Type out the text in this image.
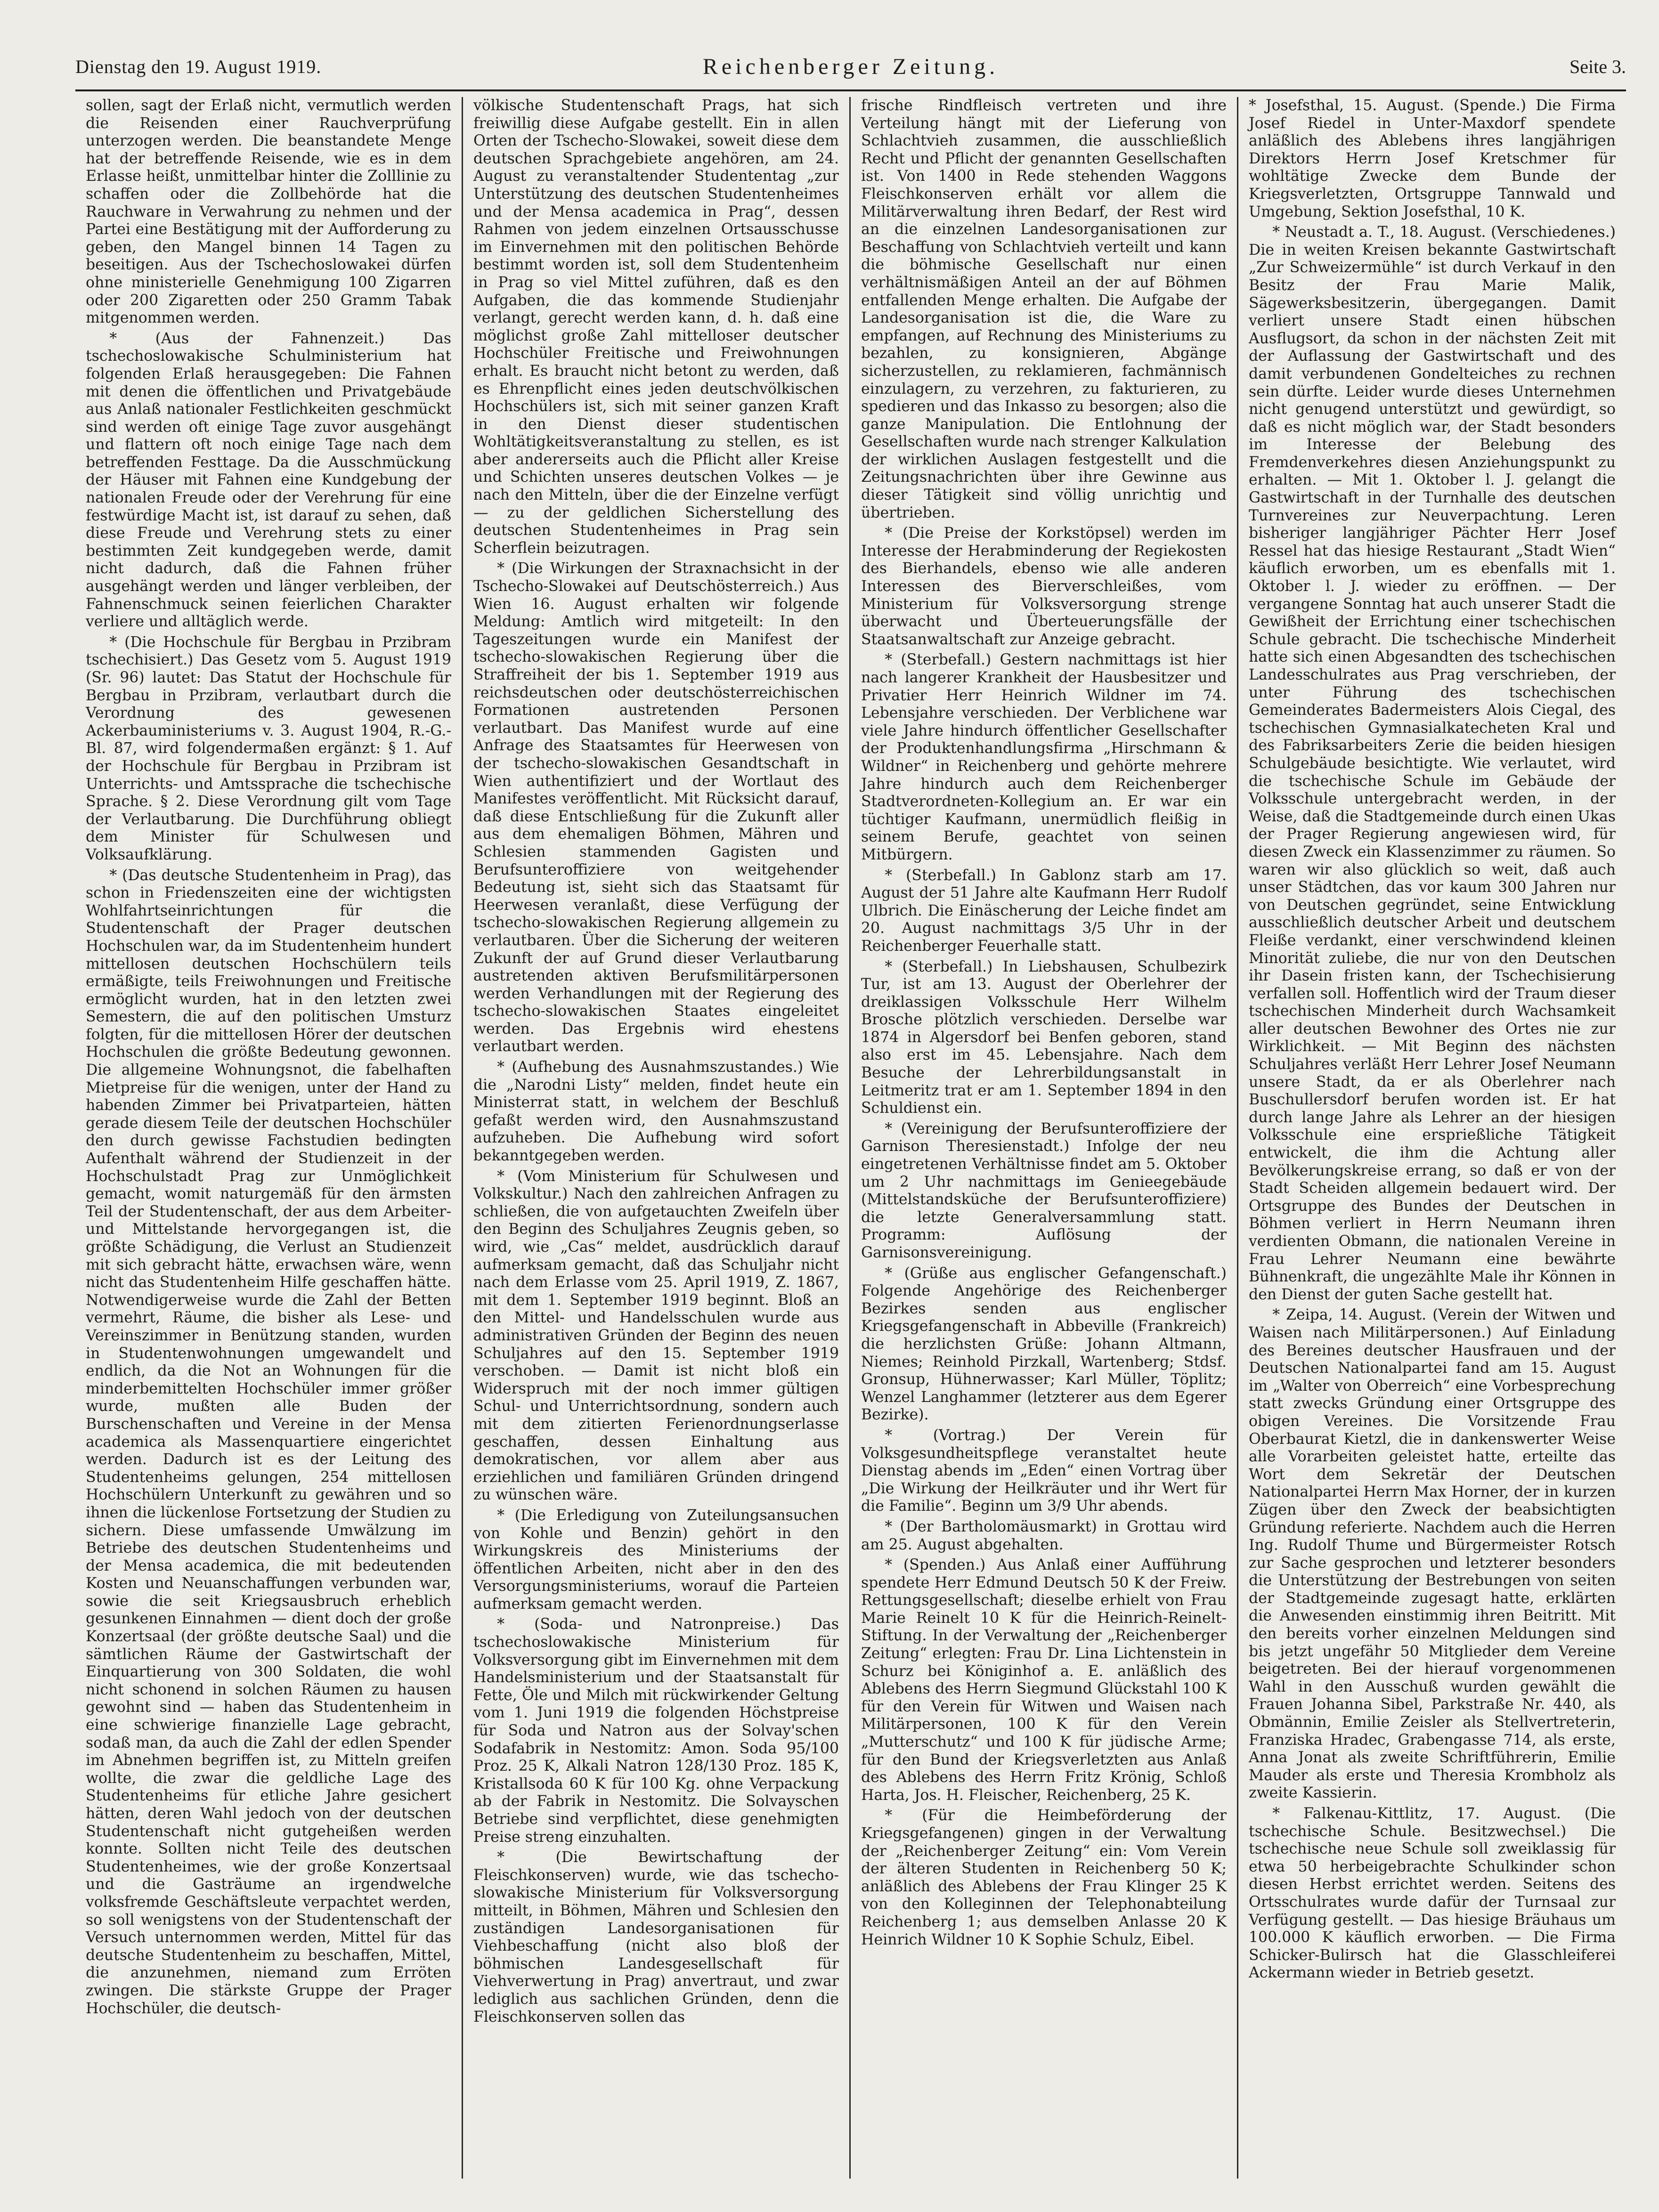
Dienstag den 19. August 1919.	Reichenberger Zeitung.	Seite 3.

sollen, sagt der Erlaß nicht, vermutlich werden die Reisenden einer Rauchverprüfung unterzogen werden. Die beanstandete Menge hat der betreffende Reisende, wie es in dem Erlasse heißt, unmittelbar hinter die Zolllinie zu schaffen oder die Zollbehörde hat die Rauchware in Verwahrung zu nehmen und der Partei eine Bestätigung mit der Aufforderung zu geben, den Mangel binnen 14 Tagen zu beseitigen. Aus der Tschechoslowakei dürfen ohne ministerielle Genehmigung 100 Zigarren oder 200 Zigaretten oder 250 Gramm Tabak mitgenommen werden.

* (Aus der Fahnenzeit.) Das tschechoslowakische Schulministerium hat folgenden Erlaß herausgegeben: Die Fahnen mit denen die öffentlichen und Privatgebäude aus Anlaß nationaler Festlichkeiten geschmückt sind werden oft einige Tage zuvor ausgehängt und flattern oft noch einige Tage nach dem betreffenden Festtage. Da die Ausschmückung der Häuser mit Fahnen eine Kundgebung der nationalen Freude oder der Verehrung für eine festwürdige Macht ist, ist darauf zu sehen, daß diese Freude und Verehrung stets zu einer bestimmten Zeit kundgegeben werde, damit nicht dadurch, daß die Fahnen früher ausgehängt werden und länger verbleiben, der Fahnenschmuck seinen feierlichen Charakter verliere und alltäglich werde.

* (Die Hochschule für Bergbau in Przibram tschechisiert.) Das Gesetz vom 5. August 1919 (Sr. 96) lautet: Das Statut der Hochschule für Bergbau in Przibram, verlautbart durch die Verordnung des gewesenen Ackerbauministeriums v. 3. August 1904, R.-G.-Bl. 87, wird folgendermaßen ergänzt: § 1. Auf der Hochschule für Bergbau in Przibram ist Unterrichts- und Amtssprache die tschechische Sprache. § 2. Diese Verordnung gilt vom Tage der Verlautbarung. Die Durchführung obliegt dem Minister für Schulwesen und Volksaufklärung.

* (Das deutsche Studentenheim in Prag), das schon in Friedenszeiten eine der wichtigsten Wohlfahrtseinrichtungen für die Studentenschaft der Prager deutschen Hochschulen war, da im Studentenheim hundert mittellosen deutschen Hochschülern teils ermäßigte, teils Freiwohnungen und Freitische ermöglicht wurden, hat in den letzten zwei Semestern, die auf den politischen Umsturz folgten, für die mittellosen Hörer der deutschen Hochschulen die größte Bedeutung gewonnen. Die allgemeine Wohnungsnot, die fabelhaften Mietpreise für die wenigen, unter der Hand zu habenden Zimmer bei Privatparteien, hätten gerade diesem Teile der deutschen Hochschüler den durch gewisse Fachstudien bedingten Aufenthalt während der Studienzeit in der Hochschulstadt Prag zur Unmöglichkeit gemacht, womit naturgemäß für den ärmsten Teil der Studentenschaft, der aus dem Arbeiter- und Mittelstande hervorgegangen ist, die größte Schädigung, die Verlust an Studienzeit mit sich gebracht hätte, erwachsen wäre, wenn nicht das Studentenheim Hilfe geschaffen hätte. Notwendigerweise wurde die Zahl der Betten vermehrt, Räume, die bisher als Lese- und Vereinszimmer in Benützung standen, wurden in Studentenwohnungen umgewandelt und endlich, da die Not an Wohnungen für die minderbemittelten Hochschüler immer größer wurde, mußten alle Buden der Burschenschaften und Vereine in der Mensa academica als Massenquartiere eingerichtet werden. Dadurch ist es der Leitung des Studentenheims gelungen, 254 mittellosen Hochschülern Unterkunft zu gewähren und so ihnen die lückenlose Fortsetzung der Studien zu sichern. Diese umfassende Umwälzung im Betriebe des deutschen Studentenheims und der Mensa academica, die mit bedeutenden Kosten und Neuanschaffungen verbunden war, sowie die seit Kriegsausbruch erheblich gesunkenen Einnahmen — dient doch der große Konzertsaal (der größte deutsche Saal) und die sämtlichen Räume der Gastwirtschaft der Einquartierung von 300 Soldaten, die wohl nicht schonend in solchen Räumen zu hausen gewohnt sind — haben das Studentenheim in eine schwierige finanzielle Lage gebracht, sodaß man, da auch die Zahl der edlen Spender im Abnehmen begriffen ist, zu Mitteln greifen wollte, die zwar die geldliche Lage des Studentenheims für etliche Jahre gesichert hätten, deren Wahl jedoch von der deutschen Studentenschaft nicht gutgeheißen werden konnte. Sollten nicht Teile des deutschen Studentenheimes, wie der große Konzertsaal und die Gasträume an irgendwelche volksfremde Geschäftsleute verpachtet werden, so soll wenigstens von der Studentenschaft der Versuch unternommen werden, Mittel für das deutsche Studentenheim zu beschaffen, Mittel, die anzunehmen, niemand zum Erröten zwingen. Die stärkste Gruppe der Prager Hochschüler, die deutsch-

völkische Studentenschaft Prags, hat sich freiwillig diese Aufgabe gestellt. Ein in allen Orten der Tschecho-Slowakei, soweit diese dem deutschen Sprachgebiete angehören, am 24. August zu veranstaltender Studententag „zur Unterstützung des deutschen Studentenheimes und der Mensa academica in Prag“, dessen Rahmen von jedem einzelnen Ortsausschusse im Einvernehmen mit den politischen Behörde bestimmt worden ist, soll dem Studentenheim in Prag so viel Mittel zuführen, daß es den Aufgaben, die das kommende Studienjahr verlangt, gerecht werden kann, d. h. daß eine möglichst große Zahl mittelloser deutscher Hochschüler Freitische und Freiwohnungen erhalt. Es braucht nicht betont zu werden, daß es Ehrenpflicht eines jeden deutschvölkischen Hochschülers ist, sich mit seiner ganzen Kraft in den Dienst dieser studentischen Wohltätigkeitsveranstaltung zu stellen, es ist aber andererseits auch die Pflicht aller Kreise und Schichten unseres deutschen Volkes — je nach den Mitteln, über die der Einzelne verfügt — zu der geldlichen Sicherstellung des deutschen Studentenheimes in Prag sein Scherflein beizutragen.

* (Die Wirkungen der Straxnachsicht in der Tschecho-Slowakei auf Deutschösterreich.) Aus Wien 16. August erhalten wir folgende Meldung: Amtlich wird mitgeteilt: In den Tageszeitungen wurde ein Manifest der tschecho-slowakischen Regierung über die Straffreiheit der bis 1. September 1919 aus reichsdeutschen oder deutschösterreichischen Formationen austretenden Personen verlautbart. Das Manifest wurde auf eine Anfrage des Staatsamtes für Heerwesen von der tschecho-slowakischen Gesandtschaft in Wien authentifiziert und der Wortlaut des Manifestes veröffentlicht. Mit Rücksicht darauf, daß diese Entschließung für die Zukunft aller aus dem ehemaligen Böhmen, Mähren und Schlesien stammenden Gagisten und Berufsunteroffiziere von weitgehender Bedeutung ist, sieht sich das Staatsamt für Heerwesen veranlaßt, diese Verfügung der tschecho-slowakischen Regierung allgemein zu verlautbaren. Über die Sicherung der weiteren Zukunft der auf Grund dieser Verlautbarung austretenden aktiven Berufsmilitärpersonen werden Verhandlungen mit der Regierung des tschecho-slowakischen Staates eingeleitet werden. Das Ergebnis wird ehestens verlautbart werden.

* (Aufhebung des Ausnahmszustandes.) Wie die „Narodni Listy“ melden, findet heute ein Ministerrat statt, in welchem der Beschluß gefaßt werden wird, den Ausnahmszustand aufzuheben. Die Aufhebung wird sofort bekanntgegeben werden.

* (Vom Ministerium für Schulwesen und Volkskultur.) Nach den zahlreichen Anfragen zu schließen, die von aufgetauchten Zweifeln über den Beginn des Schuljahres Zeugnis geben, so wird, wie „Cas“ meldet, ausdrücklich darauf aufmerksam gemacht, daß das Schuljahr nicht nach dem Erlasse vom 25. April 1919, Z. 1867, mit dem 1. September 1919 beginnt. Bloß an den Mittel- und Handelsschulen wurde aus administrativen Gründen der Beginn des neuen Schuljahres auf den 15. September 1919 verschoben. — Damit ist nicht bloß ein Widerspruch mit der noch immer gültigen Schul- und Unterrichtsordnung, sondern auch mit dem zitierten Ferienordnungserlasse geschaffen, dessen Einhaltung aus demokratischen, vor allem aber aus erziehlichen und familiären Gründen dringend zu wünschen wäre.

* (Die Erledigung von Zuteilungsansuchen von Kohle und Benzin) gehört in den Wirkungskreis des Ministeriums der öffentlichen Arbeiten, nicht aber in den des Versorgungsministeriums, worauf die Parteien aufmerksam gemacht werden.

* (Soda- und Natronpreise.) Das tschechoslowakische Ministerium für Volksversorgung gibt im Einvernehmen mit dem Handelsministerium und der Staatsanstalt für Fette, Öle und Milch mit rückwirkender Geltung vom 1. Juni 1919 die folgenden Höchstpreise für Soda und Natron aus der Solvay'schen Sodafabrik in Nestomitz: Amon. Soda 95/100 Proz. 25 K, Alkali Natron 128/130 Proz. 185 K, Kristallsoda 60 K für 100 Kg. ohne Verpackung ab der Fabrik in Nestomitz. Die Solvayschen Betriebe sind verpflichtet, diese genehmigten Preise streng einzuhalten.

* (Die Bewirtschaftung der Fleischkonserven) wurde, wie das tschecho-slowakische Ministerium für Volksversorgung mitteilt, in Böhmen, Mähren und Schlesien den zuständigen Landesorganisationen für Viehbeschaffung (nicht also bloß der böhmischen Landesgesellschaft für Viehverwertung in Prag) anvertraut, und zwar lediglich aus sachlichen Gründen, denn die Fleischkonserven sollen das

frische Rindfleisch vertreten und ihre Verteilung hängt mit der Lieferung von Schlachtvieh zusammen, die ausschließlich Recht und Pflicht der genannten Gesellschaften ist. Von 1400 in Rede stehenden Waggons Fleischkonserven erhält vor allem die Militärverwaltung ihren Bedarf, der Rest wird an die einzelnen Landesorganisationen zur Beschaffung von Schlachtvieh verteilt und kann die böhmische Gesellschaft nur einen verhältnismäßigen Anteil an der auf Böhmen entfallenden Menge erhalten. Die Aufgabe der Landesorganisation ist die, die Ware zu empfangen, auf Rechnung des Ministeriums zu bezahlen, zu konsignieren, Abgänge sicherzustellen, zu reklamieren, fachmännisch einzulagern, zu verzehren, zu fakturieren, zu spedieren und das Inkasso zu besorgen; also die ganze Manipulation. Die Entlohnung der Gesellschaften wurde nach strenger Kalkulation der wirklichen Auslagen festgestellt und die Zeitungsnachrichten über ihre Gewinne aus dieser Tätigkeit sind völlig unrichtig und übertrieben.

* (Die Preise der Korkstöpsel) werden im Interesse der Herabminderung der Regiekosten des Bierhandels, ebenso wie alle anderen Interessen des Bierverschleißes, vom Ministerium für Volksversorgung strenge überwacht und Überteuerungsfälle der Staatsanwaltschaft zur Anzeige gebracht.

* (Sterbefall.) Gestern nachmittags ist hier nach langerer Krankheit der Hausbesitzer und Privatier Herr Heinrich Wildner im 74. Lebensjahre verschieden. Der Verblichene war viele Jahre hindurch öffentlicher Gesellschafter der Produktenhandlungsfirma „Hirschmann & Wildner“ in Reichenberg und gehörte mehrere Jahre hindurch auch dem Reichenberger Stadtverordneten-Kollegium an. Er war ein tüchtiger Kaufmann, unermüdlich fleißig in seinem Berufe, geachtet von seinen Mitbürgern.

* (Sterbefall.) In Gablonz starb am 17. August der 51 Jahre alte Kaufmann Herr Rudolf Ulbrich. Die Einäscherung der Leiche findet am 20. August nachmittags 3/5 Uhr in der Reichenberger Feuerhalle statt.

* (Sterbefall.) In Liebshausen, Schulbezirk Tur, ist am 13. August der Oberlehrer der dreiklassigen Volksschule Herr Wilhelm Brosche plötzlich verschieden. Derselbe war 1874 in Algersdorf bei Benfen geboren, stand also erst im 45. Lebensjahre. Nach dem Besuche der Lehrerbildungsanstalt in Leitmeritz trat er am 1. September 1894 in den Schuldienst ein.

* (Vereinigung der Berufsunteroffiziere der Garnison Theresienstadt.) Infolge der neu eingetretenen Verhältnisse findet am 5. Oktober um 2 Uhr nachmittags im Genieegebäude (Mittelstandsküche der Berufsunteroffiziere) die letzte Generalversammlung statt. Programm: Auflösung der Garnisonsvereinigung.

* (Grüße aus englischer Gefangenschaft.) Folgende Angehörige des Reichenberger Bezirkes senden aus englischer Kriegsgefangenschaft in Abbeville (Frankreich) die herzlichsten Grüße: Johann Altmann, Niemes; Reinhold Pirzkall, Wartenberg; Stdsf. Gronsup, Hühnerwasser; Karl Müller, Töplitz; Wenzel Langhammer (letzterer aus dem Egerer Bezirke).

* (Vortrag.) Der Verein für Volksgesundheitspflege veranstaltet heute Dienstag abends im „Eden“ einen Vortrag über „Die Wirkung der Heilkräuter und ihr Wert für die Familie“. Beginn um 3/9 Uhr abends.

* (Der Bartholomäusmarkt) in Grottau wird am 25. August abgehalten.

* (Spenden.) Aus Anlaß einer Aufführung spendete Herr Edmund Deutsch 50 K der Freiw. Rettungsgesellschaft; dieselbe erhielt von Frau Marie Reinelt 10 K für die Heinrich-Reinelt-Stiftung. In der Verwaltung der „Reichenberger Zeitung“ erlegten: Frau Dr. Lina Lichtenstein in Schurz bei Königinhof a. E. anläßlich des Ablebens des Herrn Siegmund Glückstahl 100 K für den Verein für Witwen und Waisen nach Militärpersonen, 100 K für den Verein „Mutterschutz“ und 100 K für jüdische Arme; für den Bund der Kriegsverletzten aus Anlaß des Ablebens des Herrn Fritz Krönig, Schloß Harta, Jos. H. Fleischer, Reichenberg, 25 K.

* (Für die Heimbeförderung der Kriegsgefangenen) gingen in der Verwaltung der „Reichenberger Zeitung“ ein: Vom Verein der älteren Studenten in Reichenberg 50 K; anläßlich des Ablebens der Frau Klinger 25 K von den Kolleginnen der Telephonabteilung Reichenberg 1; aus demselben Anlasse 20 K Heinrich Wildner 10 K Sophie Schulz, Eibel.

* Josefsthal, 15. August. (Spende.) Die Firma Josef Riedel in Unter-Maxdorf spendete anläßlich des Ablebens ihres langjährigen Direktors Herrn Josef Kretschmer für wohltätige Zwecke dem Bunde der Kriegsverletzten, Ortsgruppe Tannwald und Umgebung, Sektion Josefsthal, 10 K.

* Neustadt a. T., 18. August. (Verschiedenes.) Die in weiten Kreisen bekannte Gastwirtschaft „Zur Schweizermühle“ ist durch Verkauf in den Besitz der Frau Marie Malik, Sägewerksbesitzerin, übergegangen. Damit verliert unsere Stadt einen hübschen Ausflugsort, da schon in der nächsten Zeit mit der Auflassung der Gastwirtschaft und des damit verbundenen Gondelteiches zu rechnen sein dürfte. Leider wurde dieses Unternehmen nicht genugend unterstützt und gewürdigt, so daß es nicht möglich war, der Stadt besonders im Interesse der Belebung des Fremdenverkehres diesen Anziehungspunkt zu erhalten. — Mit 1. Oktober l. J. gelangt die Gastwirtschaft in der Turnhalle des deutschen Turnvereines zur Neuverpachtung. Leren bisheriger langjähriger Pächter Herr Josef Ressel hat das hiesige Restaurant „Stadt Wien“ käuflich erworben, um es ebenfalls mit 1. Oktober l. J. wieder zu eröffnen. — Der vergangene Sonntag hat auch unserer Stadt die Gewißheit der Errichtung einer tschechischen Schule gebracht. Die tschechische Minderheit hatte sich einen Abgesandten des tschechischen Landesschulrates aus Prag verschrieben, der unter Führung des tschechischen Gemeinderates Badermeisters Alois Ciegal, des tschechischen Gymnasialkatecheten Kral und des Fabriksarbeiters Zerie die beiden hiesigen Schulgebäude besichtigte. Wie verlautet, wird die tschechische Schule im Gebäude der Volksschule untergebracht werden, in der Weise, daß die Stadtgemeinde durch einen Ukas der Prager Regierung angewiesen wird, für diesen Zweck ein Klassenzimmer zu räumen. So waren wir also glücklich so weit, daß auch unser Städtchen, das vor kaum 300 Jahren nur von Deutschen gegründet, seine Entwicklung ausschließlich deutscher Arbeit und deutschem Fleiße verdankt, einer verschwindend kleinen Minorität zuliebe, die nur von den Deutschen ihr Dasein fristen kann, der Tschechisierung verfallen soll. Hoffentlich wird der Traum dieser tschechischen Minderheit durch Wachsamkeit aller deutschen Bewohner des Ortes nie zur Wirklichkeit. — Mit Beginn des nächsten Schuljahres verläßt Herr Lehrer Josef Neumann unsere Stadt, da er als Oberlehrer nach Buschullersdorf berufen worden ist. Er hat durch lange Jahre als Lehrer an der hiesigen Volksschule eine ersprießliche Tätigkeit entwickelt, die ihm die Achtung aller Bevölkerungskreise errang, so daß er von der Stadt Scheiden allgemein bedauert wird. Der Ortsgruppe des Bundes der Deutschen in Böhmen verliert in Herrn Neumann ihren verdienten Obmann, die nationalen Vereine in Frau Lehrer Neumann eine bewährte Bühnenkraft, die ungezählte Male ihr Können in den Dienst der guten Sache gestellt hat.

* Zeipa, 14. August. (Verein der Witwen und Waisen nach Militärpersonen.) Auf Einladung des Bereines deutscher Hausfrauen und der Deutschen Nationalpartei fand am 15. August im „Walter von Oberreich“ eine Vorbesprechung statt zwecks Gründung einer Ortsgruppe des obigen Vereines. Die Vorsitzende Frau Oberbaurat Kietzl, die in dankenswerter Weise alle Vorarbeiten geleistet hatte, erteilte das Wort dem Sekretär der Deutschen Nationalpartei Herrn Max Horner, der in kurzen Zügen über den Zweck der beabsichtigten Gründung referierte. Nachdem auch die Herren Ing. Rudolf Thume und Bürgermeister Rotsch zur Sache gesprochen und letzterer besonders die Unterstützung der Bestrebungen von seiten der Stadtgemeinde zugesagt hatte, erklärten die Anwesenden einstimmig ihren Beitritt. Mit den bereits vorher einzelnen Meldungen sind bis jetzt ungefähr 50 Mitglieder dem Vereine beigetreten. Bei der hierauf vorgenommenen Wahl in den Ausschuß wurden gewählt die Frauen Johanna Sibel, Parkstraße Nr. 440, als Obmännin, Emilie Zeisler als Stellvertreterin, Franziska Hradec, Grabengasse 714, als erste, Anna Jonat als zweite Schriftführerin, Emilie Mauder als erste und Theresia Krombholz als zweite Kassierin.

* Falkenau-Kittlitz, 17. August. (Die tschechische Schule. Besitzwechsel.) Die tschechische neue Schule soll zweiklassig für etwa 50 herbeigebrachte Schulkinder schon diesen Herbst errichtet werden. Seitens des Ortsschulrates wurde dafür der Turnsaal zur Verfügung gestellt. — Das hiesige Bräuhaus um 100.000 K käuflich erworben. — Die Firma Schicker-Bulirsch hat die Glasschleiferei Ackermann wieder in Betrieb gesetzt.
